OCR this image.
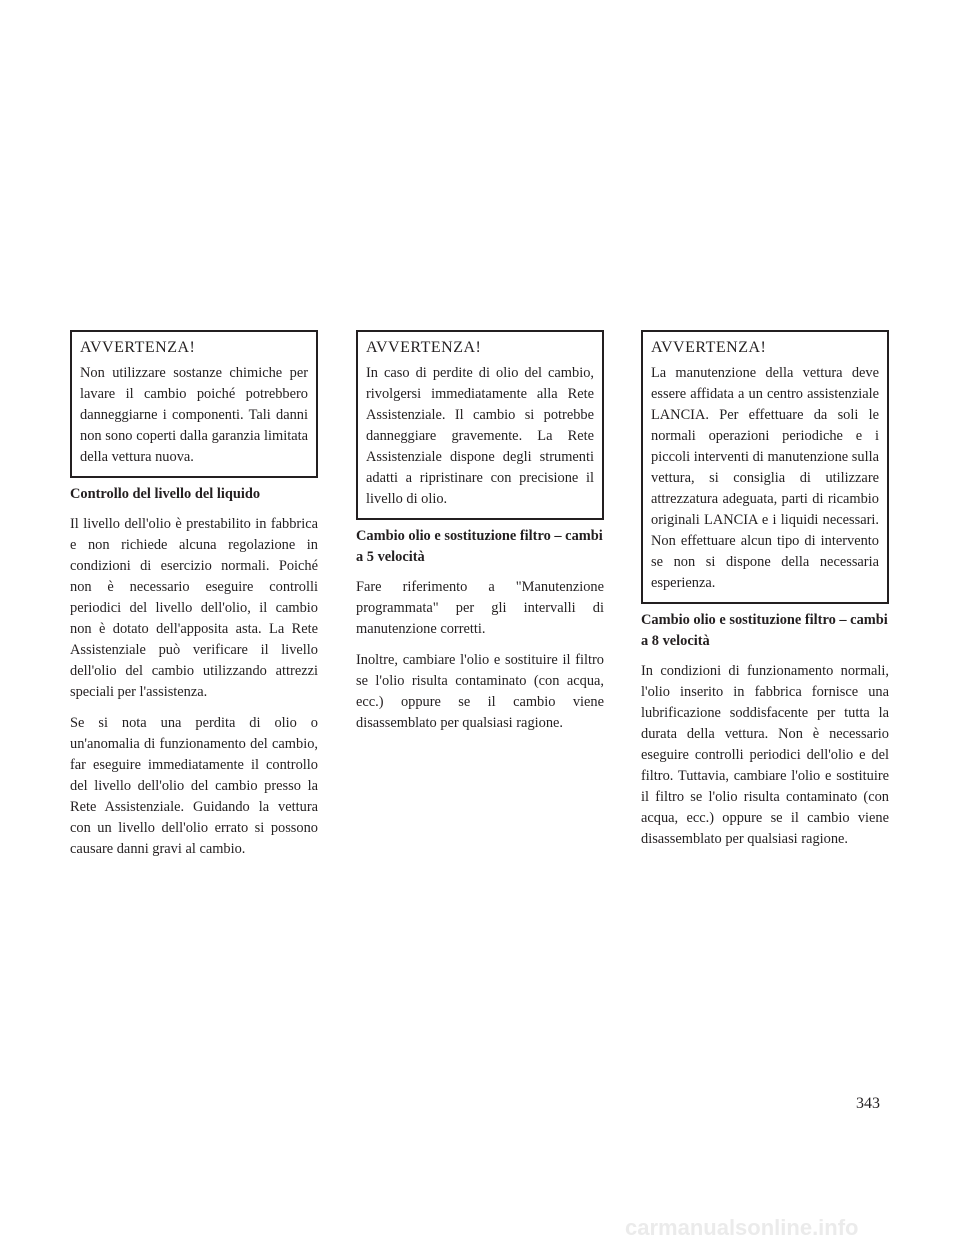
AVVERTENZA!

Non utilizzare sostanze chimiche per lavare il cambio poiché potrebbero danneggiarne i componenti. Tali danni non sono coperti dalla garanzia limitata della vettura nuova.

Controllo del livello del liquido

Il livello dell'olio è prestabilito in fabbrica e non richiede alcuna regolazione in condizioni di esercizio normali. Poiché non è necessario eseguire controlli periodici del livello dell'olio, il cambio non è dotato dell'apposita asta. La Rete Assistenziale può verificare il livello dell'olio del cambio utilizzando attrezzi speciali per l'assistenza.

Se si nota una perdita di olio o un'anomalia di funzionamento del cambio, far eseguire immediatamente il controllo del livello dell'olio del cambio presso la Rete Assistenziale. Guidando la vettura con un livello dell'olio errato si possono causare danni gravi al cambio.

AVVERTENZA!

In caso di perdite di olio del cambio, rivolgersi immediatamente alla Rete Assistenziale. Il cambio si potrebbe danneggiare gravemente. La Rete Assistenziale dispone degli strumenti adatti a ripristinare con precisione il livello di olio.

Cambio olio e sostituzione filtro – cambi a 5 velocità

Fare riferimento a "Manutenzione programmata" per gli intervalli di manutenzione corretti.

Inoltre, cambiare l'olio e sostituire il filtro se l'olio risulta contaminato (con acqua, ecc.) oppure se il cambio viene disassemblato per qualsiasi ragione.

AVVERTENZA!

La manutenzione della vettura deve essere affidata a un centro assistenziale LANCIA. Per effettuare da soli le normali operazioni periodiche e i piccoli interventi di manutenzione sulla vettura, si consiglia di utilizzare attrezzatura adeguata, parti di ricambio originali LANCIA e i liquidi necessari. Non effettuare alcun tipo di intervento se non si dispone della necessaria esperienza.

Cambio olio e sostituzione filtro – cambi a 8 velocità

In condizioni di funzionamento normali, l'olio inserito in fabbrica fornisce una lubrificazione soddisfacente per tutta la durata della vettura. Non è necessario eseguire controlli periodici dell'olio e del filtro. Tuttavia, cambiare l'olio e sostituire il filtro se l'olio risulta contaminato (con acqua, ecc.) oppure se il cambio viene disassemblato per qualsiasi ragione.

343
carmanualsonline.info
